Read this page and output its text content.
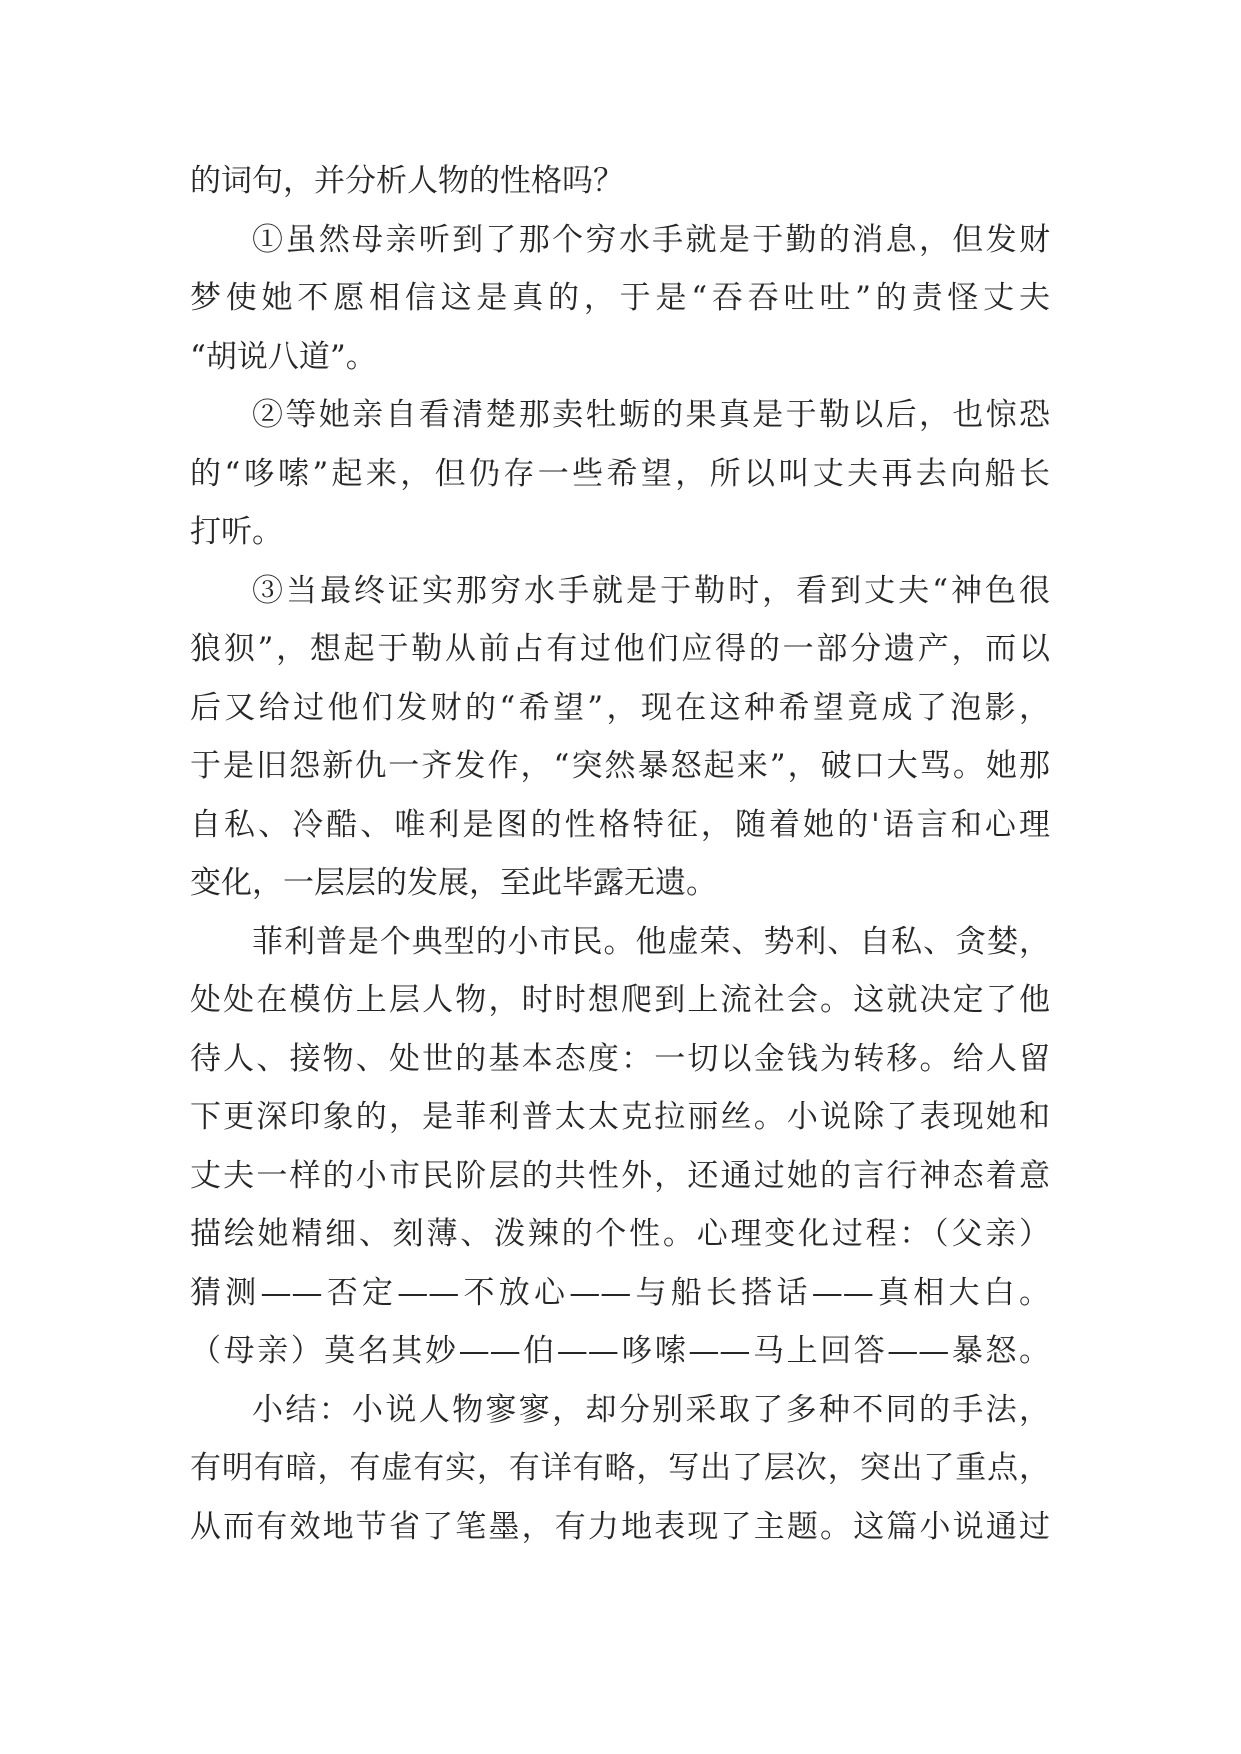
的词句，并分析人物的性格吗？
①虽然母亲听到了那个穷水手就是于勤的消息，但发财
梦使她不愿相信这是真的，于是“吞吞吐吐”的责怪丈夫
“胡说八道”。
②等她亲自看清楚那卖牡蛎的果真是于勒以后，也惊恐
的“哆嗦”起来，但仍存一些希望，所以叫丈夫再去向船长
打听。
③当最终证实那穷水手就是于勒时，看到丈夫“神色很
狼狈”，想起于勒从前占有过他们应得的一部分遗产，而以
后又给过他们发财的“希望”，现在这种希望竟成了泡影，
于是旧怨新仇一齐发作，“突然暴怒起来”，破口大骂。她那
自私、冷酷、唯利是图的性格特征，随着她的'语言和心理
变化，一层层的发展，至此毕露无遗。
菲利普是个典型的小市民。他虚荣、势利、自私、贪婪，
处处在模仿上层人物，时时想爬到上流社会。这就决定了他
待人、接物、处世的基本态度：一切以金钱为转移。给人留
下更深印象的，是菲利普太太克拉丽丝。小说除了表现她和
丈夫一样的小市民阶层的共性外，还通过她的言行神态着意
描绘她精细、刻薄、泼辣的个性。心理变化过程：（父亲）
猜测——否定——不放心——与船长搭话——真相大白。
（母亲）莫名其妙——伯——哆嗦——马上回答——暴怒。
小结：小说人物寥寥，却分别采取了多种不同的手法，
有明有暗，有虚有实，有详有略，写出了层次，突出了重点，
从而有效地节省了笔墨，有力地表现了主题。这篇小说通过
